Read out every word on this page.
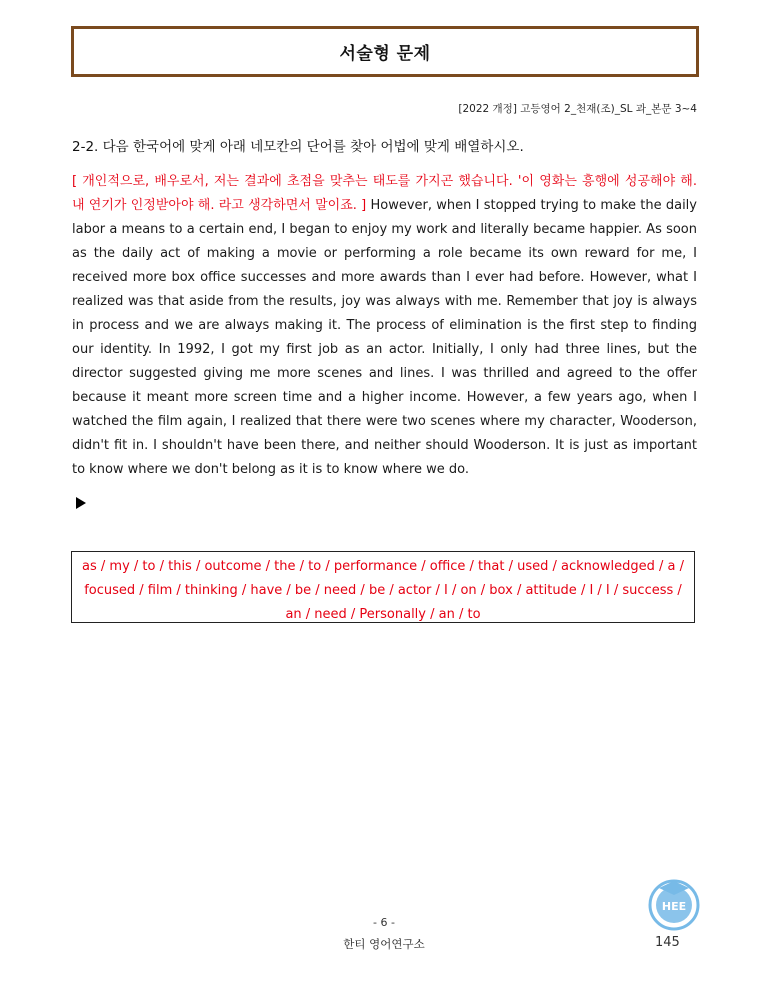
서술형 문제
[2022 개정] 고등영어 2_천재(조)_SL 과_본문 3~4
2-2. 다음 한국어에 맞게 아래 네모칸의 단어를 찾아 어법에 맞게 배열하시오.
[ 개인적으로, 배우로서, 저는 결과에 초점을 맞추는 태도를 가지곤 했습니다. '이 영화는 흥행에 성공해야 해. 내 연기가 인정받아야 해. 라고 생각하면서 말이죠. ] However, when I stopped trying to make the daily labor a means to a certain end, I began to enjoy my work and literally became happier. As soon as the daily act of making a movie or performing a role became its own reward for me, I received more box office successes and more awards than I ever had before. However, what I realized was that aside from the results, joy was always with me. Remember that joy is always in process and we are always making it. The process of elimination is the first step to finding our identity. In 1992, I got my first job as an actor. Initially, I only had three lines, but the director suggested giving me more scenes and lines. I was thrilled and agreed to the offer because it meant more screen time and a higher income. However, a few years ago, when I watched the film again, I realized that there were two scenes where my character, Wooderson, didn't fit in. I shouldn't have been there, and neither should Wooderson. It is just as important to know where we don't belong as it is to know where we do.
as / my / to / this / outcome / the / to / performance / office / that / used / acknowledged / a / focused / film / thinking / have / be / need / be / actor / I / on / box / attitude / I / I / success / an / need / Personally / an / to
HEE
- 6 -
한티 영어연구소	145
